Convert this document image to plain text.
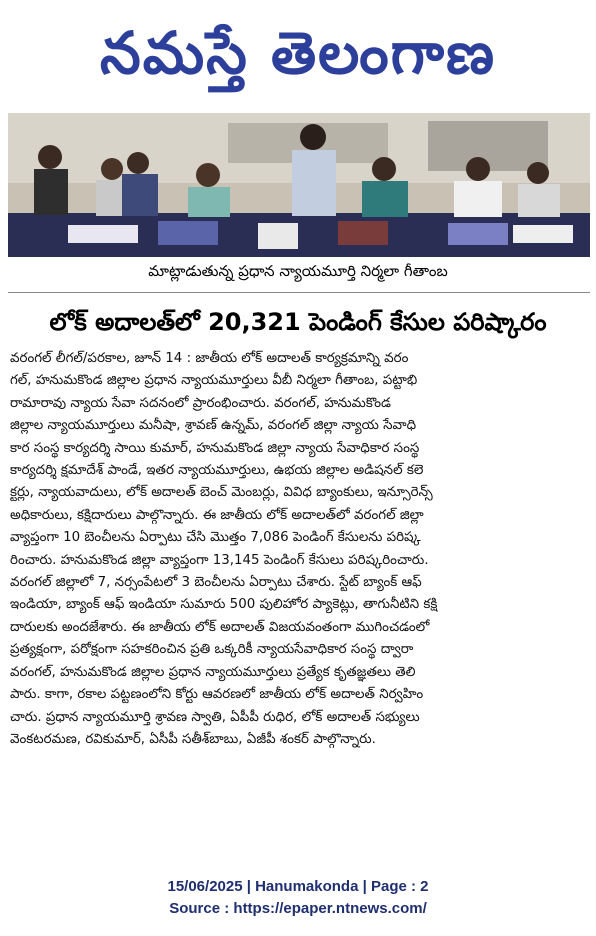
నమస్తే తెలంగాణ
మాట్లాడుతున్న ప్రధాన న్యాయమూర్తి నిర్మలా గీతాంబ
లోక్ అదాలత్‌లో 20,321 పెండింగ్ కేసుల పరిష్కారం
వరంగల్ లీగల్/పరకాల, జూన్ 14 : జాతీయ లోక్ అదాలత్ కార్యక్రమాన్ని వరం
గల్, హనుమకొండ జిల్లాల ప్రధాన న్యాయమూర్తులు వీబీ నిర్మలా గీతాంబ, పట్టాభి
రామారావు న్యాయ సేవా సదనంలో ప్రారంభించారు. వరంగల్, హనుమకొండ
జిల్లాల న్యాయమూర్తులు మనీషా, శ్రావణ్ ఉన్నమ్, వరంగల్ జిల్లా న్యాయ సేవాధి
కార సంస్థ కార్యదర్శి సాయి కుమార్, హనుమకొండ జిల్లా న్యాయ సేవాధికార సంస్థ
కార్యదర్శి క్షమాదేశ్ పాండే, ఇతర న్యాయమూర్తులు, ఉభయ జిల్లాల అడిషనల్ కలె
క్టర్లు, న్యాయవాదులు, లోక్ అదాలత్ బెంచ్ మెంబర్లు, వివిధ బ్యాంకులు, ఇన్సూరెన్స్
అధికారులు, కక్షిదారులు పాల్గొన్నారు. ఈ జాతీయ లోక్ అదాలత్‌లో వరంగల్ జిల్లా
వ్యాప్తంగా 10 బెంచీలను ఏర్పాటు చేసి మొత్తం 7,086 పెండింగ్ కేసులను పరిష్క
రించారు. హనుమకొండ జిల్లా వ్యాప్తంగా 13,145 పెండింగ్ కేసులు పరిష్కరించారు.
వరంగల్ జిల్లాలో 7, నర్సంపేటలో 3 బెంచీలను ఏర్పాటు చేశారు. స్టేట్ బ్యాంక్ ఆఫ్
ఇండియా, బ్యాంక్ ఆఫ్ ఇండియా సుమారు 500 పులిహోర ప్యాకెట్లు, తాగునీటిని కక్షి
దారులకు అందజేశారు. ఈ జాతీయ లోక్ అదాలత్ విజయవంతంగా ముగించడంలో
ప్రత్యక్షంగా, పరోక్షంగా సహకరించిన ప్రతి ఒక్కరికీ న్యాయసేవాధికార సంస్థ ద్వారా
వరంగల్, హనుమకొండ జిల్లాల ప్రధాన న్యాయమూర్తులు ప్రత్యేక కృతజ్ఞతలు తెలి
పారు. కాగా, రకాల పట్టణంలోని కోర్టు ఆవరణలో జాతీయ లోక్ అదాలత్ నిర్వహిం
చారు. ప్రధాన న్యాయమూర్తి శ్రావణ స్వాతి, ఏపీపీ రుధిర, లోక్ అదాలత్ సభ్యులు
వెంకటరమణ, రవికుమార్, ఏసీపీ సతీశ్‌బాబు, ఏజీపీ శంకర్ పాల్గొన్నారు.
15/06/2025 | Hanumakonda | Page : 2
Source : https://epaper.ntnews.com/
